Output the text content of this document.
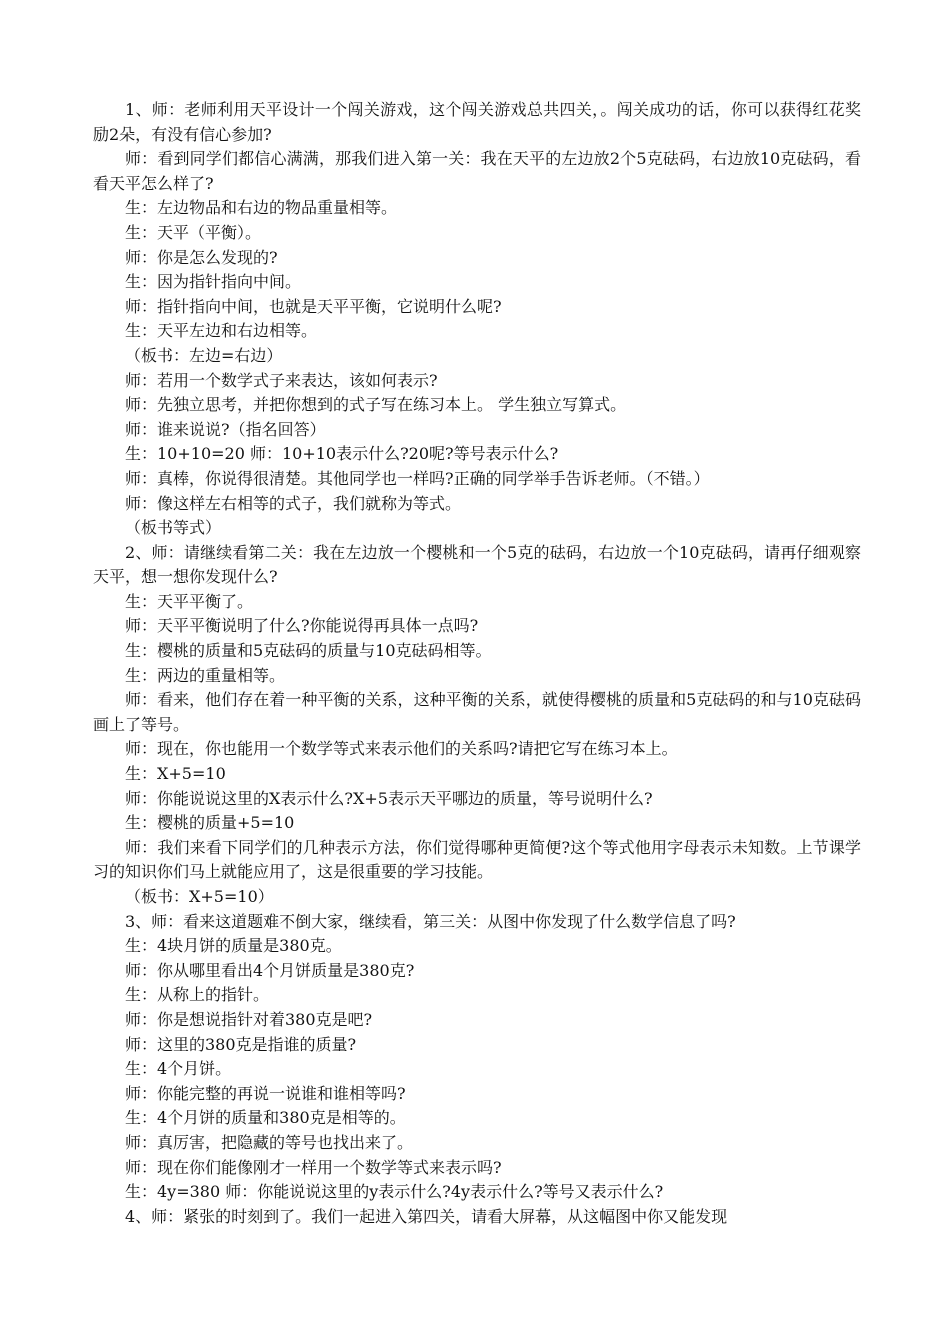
1、师：老师利用天平设计一个闯关游戏，这个闯关游戏总共四关，。闯关成功的话，你可以获得红花奖励2朵，有没有信心参加?

师：看到同学们都信心满满，那我们进入第一关：我在天平的左边放2个5克砝码，右边放10克砝码，看看天平怎么样了?

生：左边物品和右边的物品重量相等。

生：天平（平衡）。

师：你是怎么发现的?

生：因为指针指向中间。

师：指针指向中间，也就是天平平衡，它说明什么呢?

生：天平左边和右边相等。

（板书：左边=右边）

师：若用一个数学式子来表达，该如何表示?

师：先独立思考，并把你想到的式子写在练习本上。 学生独立写算式。

师：谁来说说?（指名回答）

生：10+10=20 师：10+10表示什么?20呢?等号表示什么?

师：真棒，你说得很清楚。其他同学也一样吗?正确的同学举手告诉老师。（不错。）

师：像这样左右相等的式子，我们就称为等式。

（板书等式）

2、师：请继续看第二关：我在左边放一个樱桃和一个5克的砝码，右边放一个10克砝码，请再仔细观察天平，想一想你发现什么?

生：天平平衡了。

师：天平平衡说明了什么?你能说得再具体一点吗?

生：樱桃的质量和5克砝码的质量与10克砝码相等。

生：两边的重量相等。

师：看来，他们存在着一种平衡的关系，这种平衡的关系，就使得樱桃的质量和5克砝码的和与10克砝码画上了等号。

师：现在，你也能用一个数学等式来表示他们的关系吗?请把它写在练习本上。

生：X+5=10

师：你能说说这里的X表示什么?X+5表示天平哪边的质量，等号说明什么?

生：樱桃的质量+5=10

师：我们来看下同学们的几种表示方法，你们觉得哪种更简便?这个等式他用字母表示未知数。上节课学习的知识你们马上就能应用了，这是很重要的学习技能。

（板书：X+5=10）

3、师：看来这道题难不倒大家，继续看，第三关：从图中你发现了什么数学信息了吗?

生：4块月饼的质量是380克。

师：你从哪里看出4个月饼质量是380克?

生：从称上的指针。

师：你是想说指针对着380克是吧?

师：这里的380克是指谁的质量?

生：4个月饼。

师：你能完整的再说一说谁和谁相等吗?

生：4个月饼的质量和380克是相等的。

师：真厉害，把隐藏的等号也找出来了。

师：现在你们能像刚才一样用一个数学等式来表示吗?

生：4y=380 师：你能说说这里的y表示什么?4y表示什么?等号又表示什么?

4、师：紧张的时刻到了。我们一起进入第四关，请看大屏幕，从这幅图中你又能发现
